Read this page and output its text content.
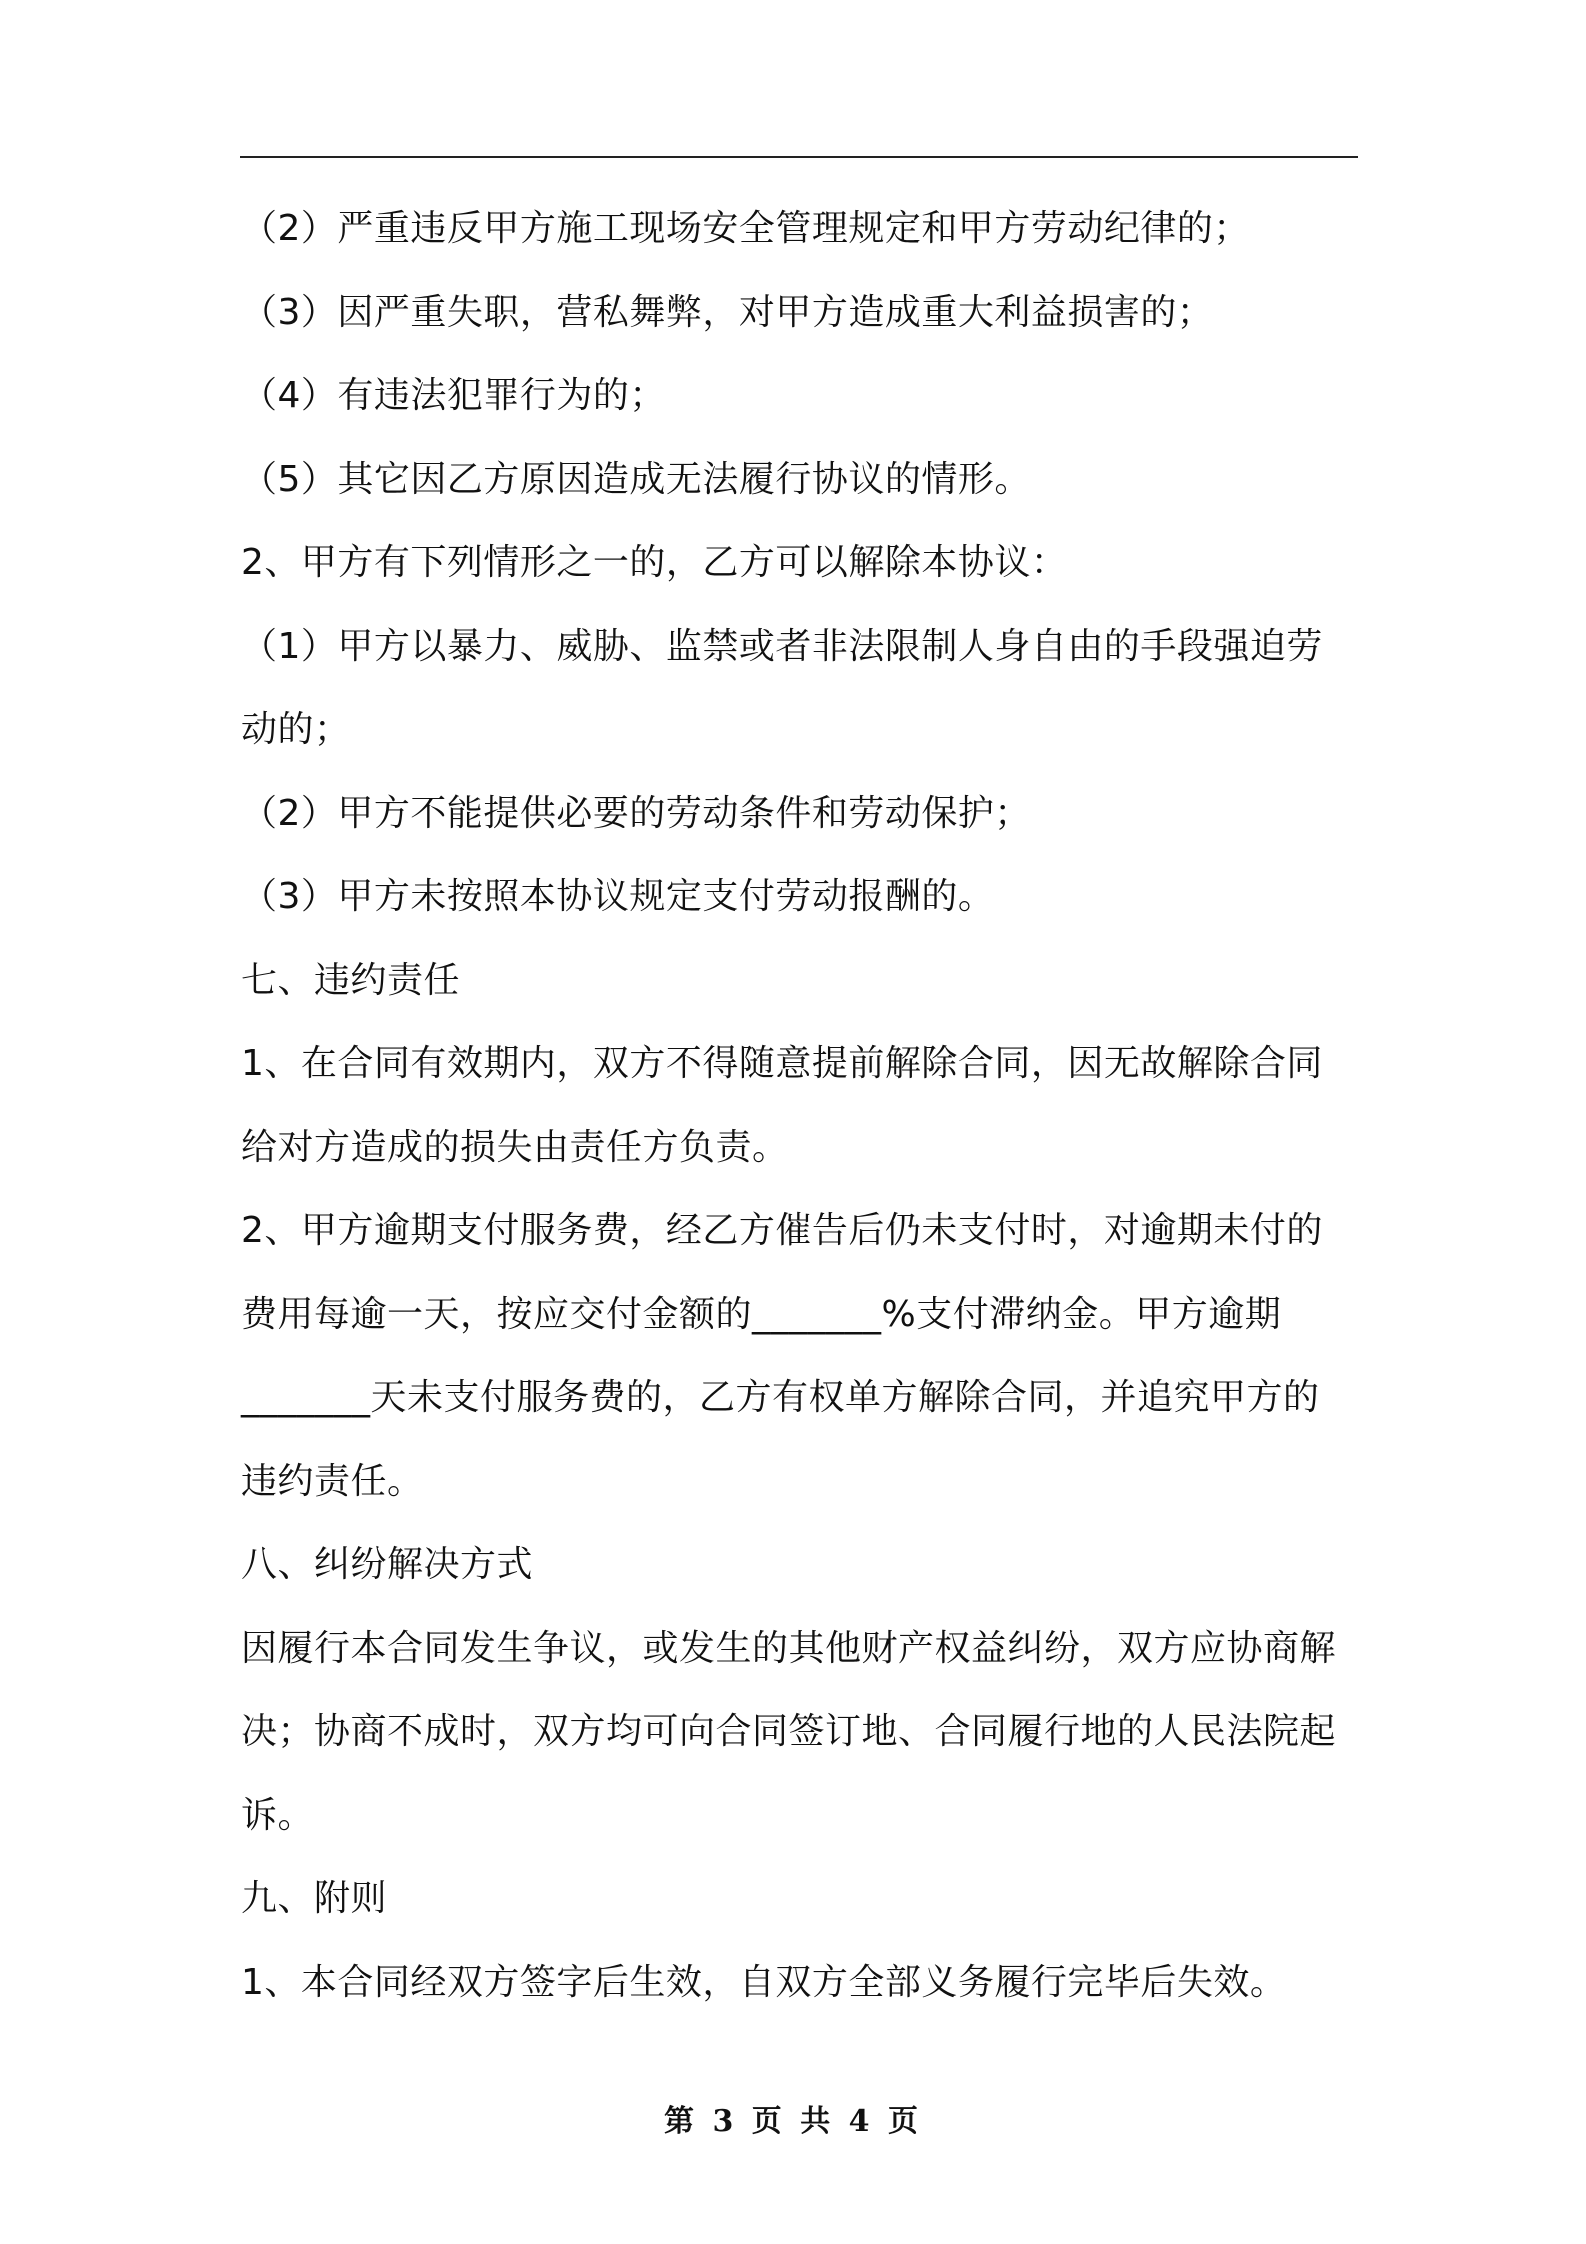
（2）严重违反甲方施工现场安全管理规定和甲方劳动纪律的；
（3）因严重失职，营私舞弊，对甲方造成重大利益损害的；
（4）有违法犯罪行为的；
（5）其它因乙方原因造成无法履行协议的情形。
2、甲方有下列情形之一的，乙方可以解除本协议：
（1）甲方以暴力、威胁、监禁或者非法限制人身自由的手段强迫劳
动的；
（2）甲方不能提供必要的劳动条件和劳动保护；
（3）甲方未按照本协议规定支付劳动报酬的。
七、违约责任
1、在合同有效期内，双方不得随意提前解除合同，因无故解除合同
给对方造成的损失由责任方负责。
2、甲方逾期支付服务费，经乙方催告后仍未支付时，对逾期未付的
费用每逾一天，按应交付金额的_______%支付滞纳金。甲方逾期
_______天未支付服务费的，乙方有权单方解除合同，并追究甲方的
违约责任。
八、纠纷解决方式
因履行本合同发生争议，或发生的其他财产权益纠纷，双方应协商解
决；协商不成时，双方均可向合同签订地、合同履行地的人民法院起
诉。
九、附则
1、本合同经双方签字后生效，自双方全部义务履行完毕后失效。
第 3 页 共 4 页
